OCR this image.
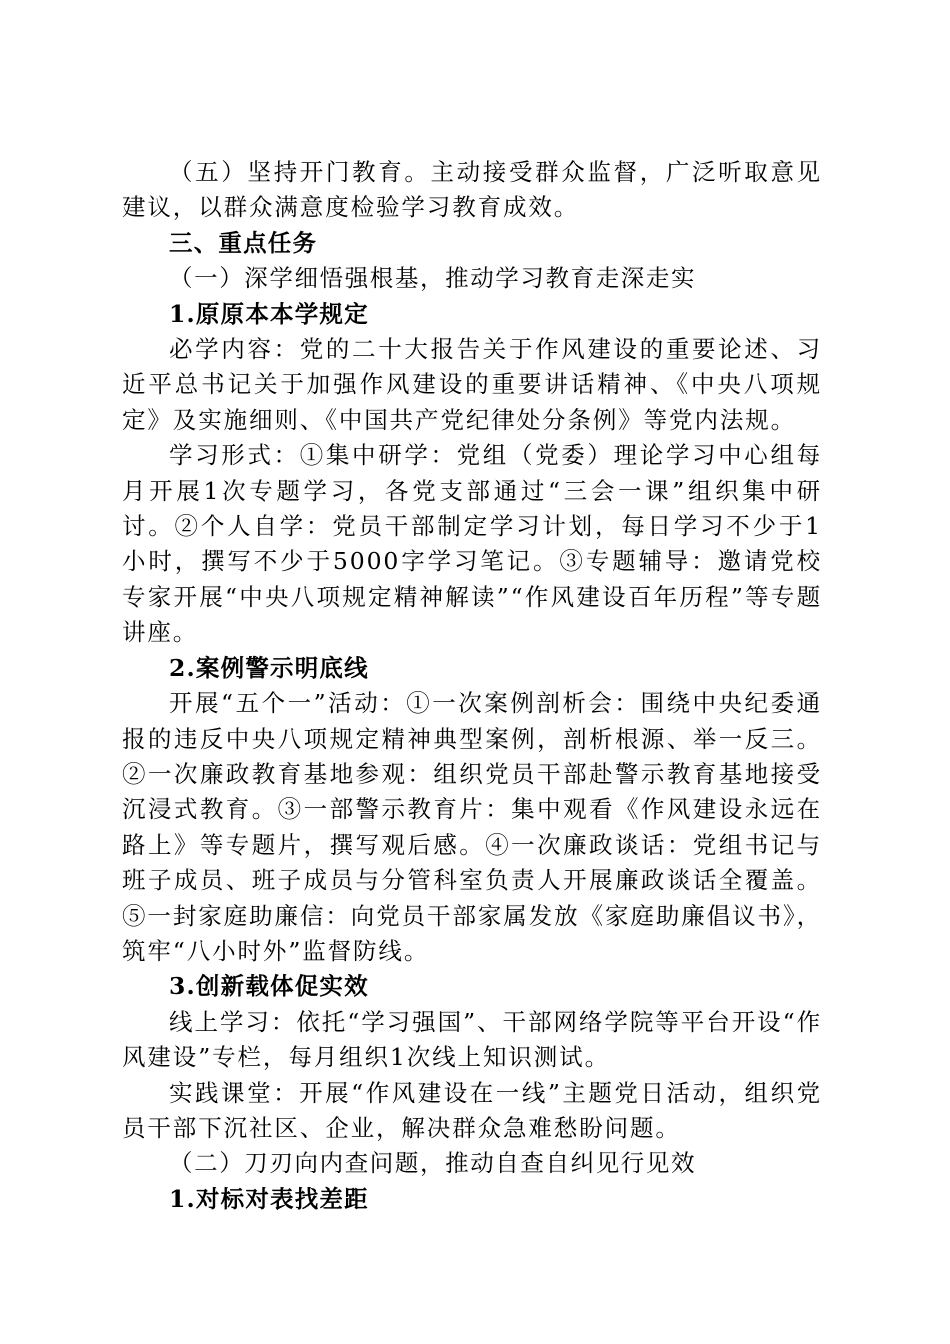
（五）坚持开门教育。主动接受群众监督，广泛听取意见建议，以群众满意度检验学习教育成效。

三、重点任务

（一）深学细悟强根基，推动学习教育走深走实

1.原原本本学规定

必学内容：党的二十大报告关于作风建设的重要论述、习近平总书记关于加强作风建设的重要讲话精神、《中央八项规定》及实施细则、《中国共产党纪律处分条例》等党内法规。

学习形式：①集中研学：党组（党委）理论学习中心组每月开展1次专题学习，各党支部通过“三会一课”组织集中研讨。②个人自学：党员干部制定学习计划，每日学习不少于1小时，撰写不少于5000字学习笔记。③专题辅导：邀请党校专家开展“中央八项规定精神解读”“作风建设百年历程”等专题讲座。

2.案例警示明底线

开展“五个一”活动：①一次案例剖析会：围绕中央纪委通报的违反中央八项规定精神典型案例，剖析根源、举一反三。②一次廉政教育基地参观：组织党员干部赴警示教育基地接受沉浸式教育。③一部警示教育片：集中观看《作风建设永远在路上》等专题片，撰写观后感。④一次廉政谈话：党组书记与班子成员、班子成员与分管科室负责人开展廉政谈话全覆盖。⑤一封家庭助廉信：向党员干部家属发放《家庭助廉倡议书》，筑牢“八小时外”监督防线。

3.创新载体促实效

线上学习：依托“学习强国”、干部网络学院等平台开设“作风建设”专栏，每月组织1次线上知识测试。

实践课堂：开展“作风建设在一线”主题党日活动，组织党员干部下沉社区、企业，解决群众急难愁盼问题。

（二）刀刃向内查问题，推动自查自纠见行见效

1.对标对表找差距
